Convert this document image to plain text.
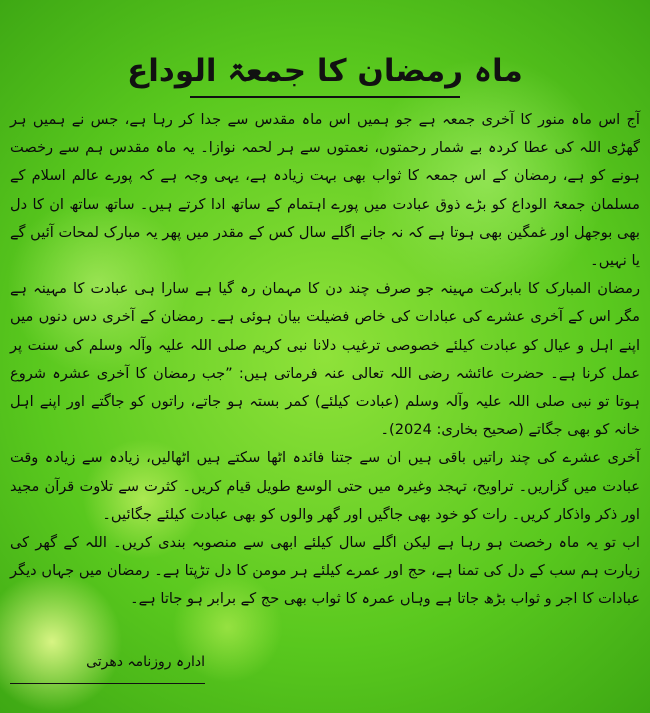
ماہ رمضان کا جمعۃ الوداع

آج اس ماہ منور کا آخری جمعہ ہے جو ہمیں اس ماہ مقدس سے جدا کر رہا ہے، جس نے ہمیں ہر گھڑی اللہ کی عطا کردہ بے شمار رحمتوں، نعمتوں سے ہر لحمہ نوازا۔ یہ ماہ مقدس ہم سے رخصت ہونے کو ہے، رمضان کے اس جمعہ کا ثواب بھی بہت زیادہ ہے، یہی وجہ ہے کہ پورے عالم اسلام کے مسلمان جمعۃ الوداع کو بڑے ذوق عبادت میں پورے اہتمام کے ساتھ ادا کرتے ہیں۔ ساتھ ساتھ ان کا دل بھی بوجھل اور غمگین بھی ہوتا ہے کہ نہ جانے اگلے سال کس کے مقدر میں پھر یہ مبارک لمحات آئیں گے یا نہیں۔

رمضان المبارک کا بابرکت مہینہ جو صرف چند دن کا مہمان رہ گیا ہے سارا ہی عبادت کا مہینہ ہے مگر اس کے آخری عشرے کی عبادات کی خاص فضیلت بیان ہوئی ہے۔ رمضان کے آخری دس دنوں میں اپنے اہل و عیال کو عبادت کیلئے خصوصی ترغیب دلانا نبی کریم صلی اللہ علیہ وآلہ وسلم کی سنت پر عمل کرنا ہے۔ حضرت عائشہ رضی اللہ تعالی عنہ فرماتی ہیں: ”جب رمضان کا آخری عشرہ شروع ہوتا تو نبی صلی اللہ علیہ وآلہ وسلم (عبادت کیلئے) کمر بستہ ہو جاتے، راتوں کو جاگتے اور اپنے اہل خانہ کو بھی جگاتے (صحیح بخاری: 2024)۔

آخری عشرے کی چند راتیں باقی ہیں ان سے جتنا فائدہ اٹھا سکتے ہیں اٹھالیں، زیادہ سے زیادہ وقت عبادت میں گزاریں۔ تراویح، تہجد وغیرہ میں حتی الوسع طویل قیام کریں۔ کثرت سے تلاوت قرآن مجید اور ذکر واذکار کریں۔ رات کو خود بھی جاگیں اور گھر والوں کو بھی عبادت کیلئے جگائیں۔

اب تو یہ ماہ رخصت ہو رہا ہے لیکن اگلے سال کیلئے ابھی سے منصوبہ بندی کریں۔ اللہ کے گھر کی زیارت ہم سب کے دل کی تمنا ہے، حج اور عمرے کیلئے ہر مومن کا دل تڑپتا ہے۔ رمضان میں جہاں دیگر عبادات کا اجر و ثواب بڑھ جاتا ہے وہاں عمرہ کا ثواب بھی حج کے برابر ہو جاتا ہے۔

ادارہ روزنامہ دھرتی
